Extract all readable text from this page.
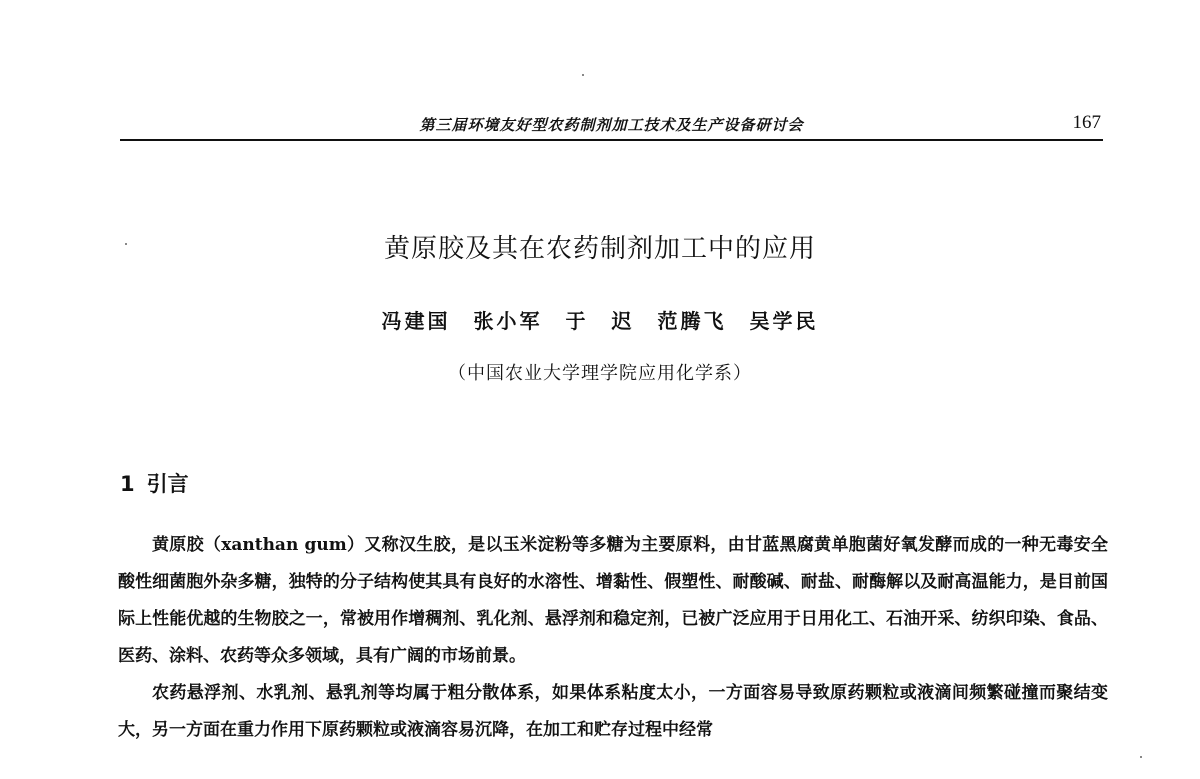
第三届环境友好型农药制剂加工技术及生产设备研讨会	167
黄原胶及其在农药制剂加工中的应用
冯建国　张小军　于　迟　范腾飞　吴学民
（中国农业大学理学院应用化学系）
1 引言

黄原胶（xanthan gum）又称汉生胶，是以玉米淀粉等多糖为主要原料，由甘蓝黑腐黄单胞菌好氧发酵而成的一种无毒安全酸性细菌胞外杂多糖，独特的分子结构使其具有良好的水溶性、增黏性、假塑性、耐酸碱、耐盐、耐酶解以及耐高温能力，是目前国际上性能优越的生物胶之一，常被用作增稠剂、乳化剂、悬浮剂和稳定剂，已被广泛应用于日用化工、石油开采、纺织印染、食品、医药、涂料、农药等众多领域，具有广阔的市场前景。

农药悬浮剂、水乳剂、悬乳剂等均属于粗分散体系，如果体系粘度太小，一方面容易导致原药颗粒或液滴间频繁碰撞而聚结变大，另一方面在重力作用下原药颗粒或液滴容易沉降，在加工和贮存过程中经常
